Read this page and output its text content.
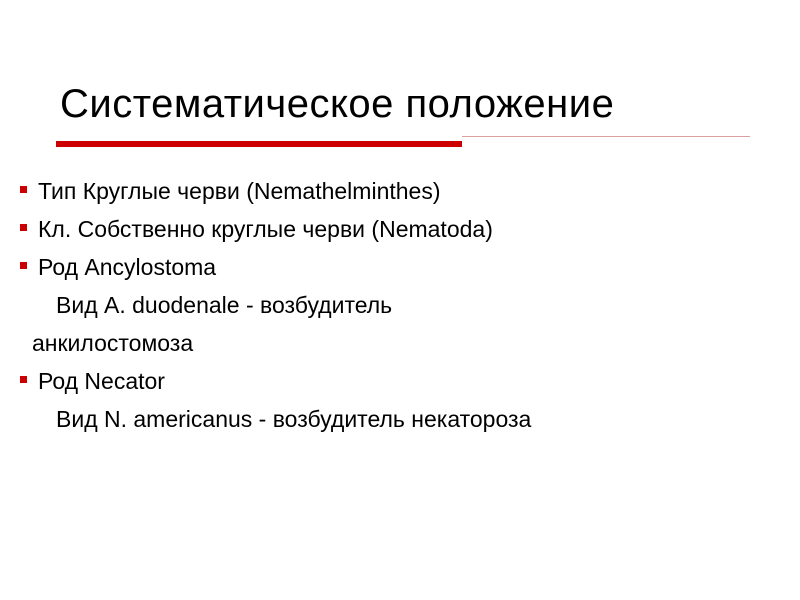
Систематическое положение
Тип Круглые черви (Nemathelminthes)
Кл. Собственно круглые черви (Nematoda)
Род Ancylostoma
Вид A. duodenale - возбудитель
анкилостомоза
Род Necator
Вид N. americanus - возбудитель некатороза
